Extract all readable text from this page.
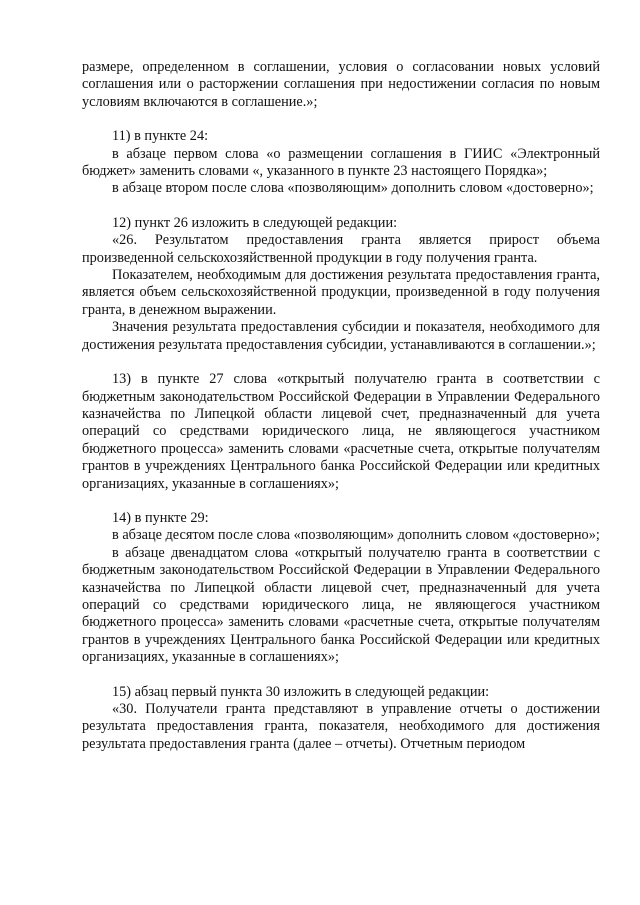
размере, определенном в соглашении, условия о согласовании новых условий соглашения или о расторжении соглашения при недостижении согласия по новым условиям включаются в соглашение.»;

11) в пункте 24:

в абзаце первом слова «о размещении соглашения в ГИИС «Электронный бюджет» заменить словами «, указанного в пункте 23 настоящего Порядка»;

в абзаце втором после слова «позволяющим» дополнить словом «достоверно»;

12) пункт 26 изложить в следующей редакции:

«26. Результатом предоставления гранта является прирост объема произведенной сельскохозяйственной продукции в году получения гранта.

Показателем, необходимым для достижения результата предоставления гранта, является объем сельскохозяйственной продукции, произведенной в году получения гранта, в денежном выражении.

Значения результата предоставления субсидии и показателя, необходимого для достижения результата предоставления субсидии, устанавливаются в соглашении.»;

13) в пункте 27 слова «открытый получателю гранта в соответствии с бюджетным законодательством Российской Федерации в Управлении Федерального казначейства по Липецкой области лицевой счет, предназначенный для учета операций со средствами юридического лица, не являющегося участником бюджетного процесса» заменить словами «расчетные счета, открытые получателям грантов в учреждениях Центрального банка Российской Федерации или кредитных организациях, указанные в соглашениях»;

14) в пункте 29:

в абзаце десятом после слова «позволяющим» дополнить словом «достоверно»;

в абзаце двенадцатом слова «открытый получателю гранта в соответствии с бюджетным законодательством Российской Федерации в Управлении Федерального казначейства по Липецкой области лицевой счет, предназначенный для учета операций со средствами юридического лица, не являющегося участником бюджетного процесса» заменить словами «расчетные счета, открытые получателям грантов в учреждениях Центрального банка Российской Федерации или кредитных организациях, указанные в соглашениях»;

15) абзац первый пункта 30 изложить в следующей редакции:

«30. Получатели гранта представляют в управление отчеты о достижении результата предоставления гранта, показателя, необходимого для достижения результата предоставления гранта (далее – отчеты). Отчетным периодом
